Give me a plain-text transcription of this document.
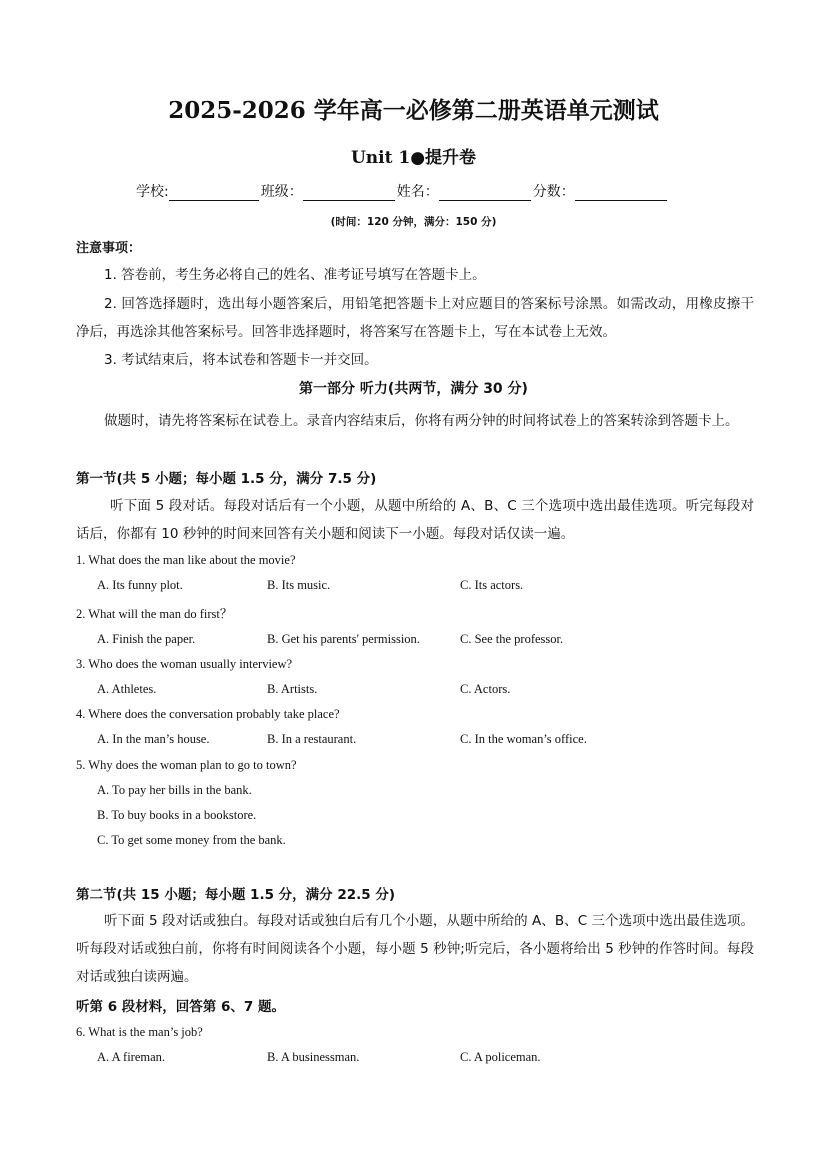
2025-2026 学年高一必修第二册英语单元测试
Unit 1●提升卷
学校:	班级：	姓名：	分数：
(时间：120 分钟，满分：150 分)
注意事项：
1. 答卷前，考生务必将自己的姓名、准考证号填写在答题卡上。
2. 回答选择题时，选出每小题答案后，用铅笔把答题卡上对应题目的答案标号涂黑。如需改动，用橡皮擦干净后，再选涂其他答案标号。回答非选择题时，将答案写在答题卡上，写在本试卷上无效。
3. 考试结束后，将本试卷和答题卡一并交回。
第一部分 听力(共两节，满分 30 分)
做题时，请先将答案标在试卷上。录音内容结束后，你将有两分钟的时间将试卷上的答案转涂到答题卡上。
第一节(共 5 小题；每小题 1.5 分，满分 7.5 分)
听下面 5 段对话。每段对话后有一个小题，从题中所给的 A、B、C 三个选项中选出最佳选项。听完每段对话后，你都有 10 秒钟的时间来回答有关小题和阅读下一小题。每段对话仅读一遍。
1. What does the man like about the movie?
A. Its funny plot.	B. Its music.	C. Its actors.
2. What will the man do first？
A. Finish the paper.	B. Get his parents' permission.	C. See the professor.
3. Who does the woman usually interview?
A. Athletes.	B. Artists.	C. Actors.
4. Where does the conversation probably take place?
A. In the man’s house.	B. In a restaurant.	C. In the woman’s office.
5. Why does the woman plan to go to town?
A. To pay her bills in the bank.
B. To buy books in a bookstore.
C. To get some money from the bank.
第二节(共 15 小题；每小题 1.5 分，满分 22.5 分)
听下面 5 段对话或独白。每段对话或独白后有几个小题，从题中所给的 A、B、C 三个选项中选出最佳选项。听每段对话或独白前，你将有时间阅读各个小题，每小题 5 秒钟;听完后，各小题将给出 5 秒钟的作答时间。每段对话或独白读两遍。
听第 6 段材料，回答第 6、7 题。
6. What is the man’s job?
A. A fireman.	B. A businessman.	C. A policeman.
